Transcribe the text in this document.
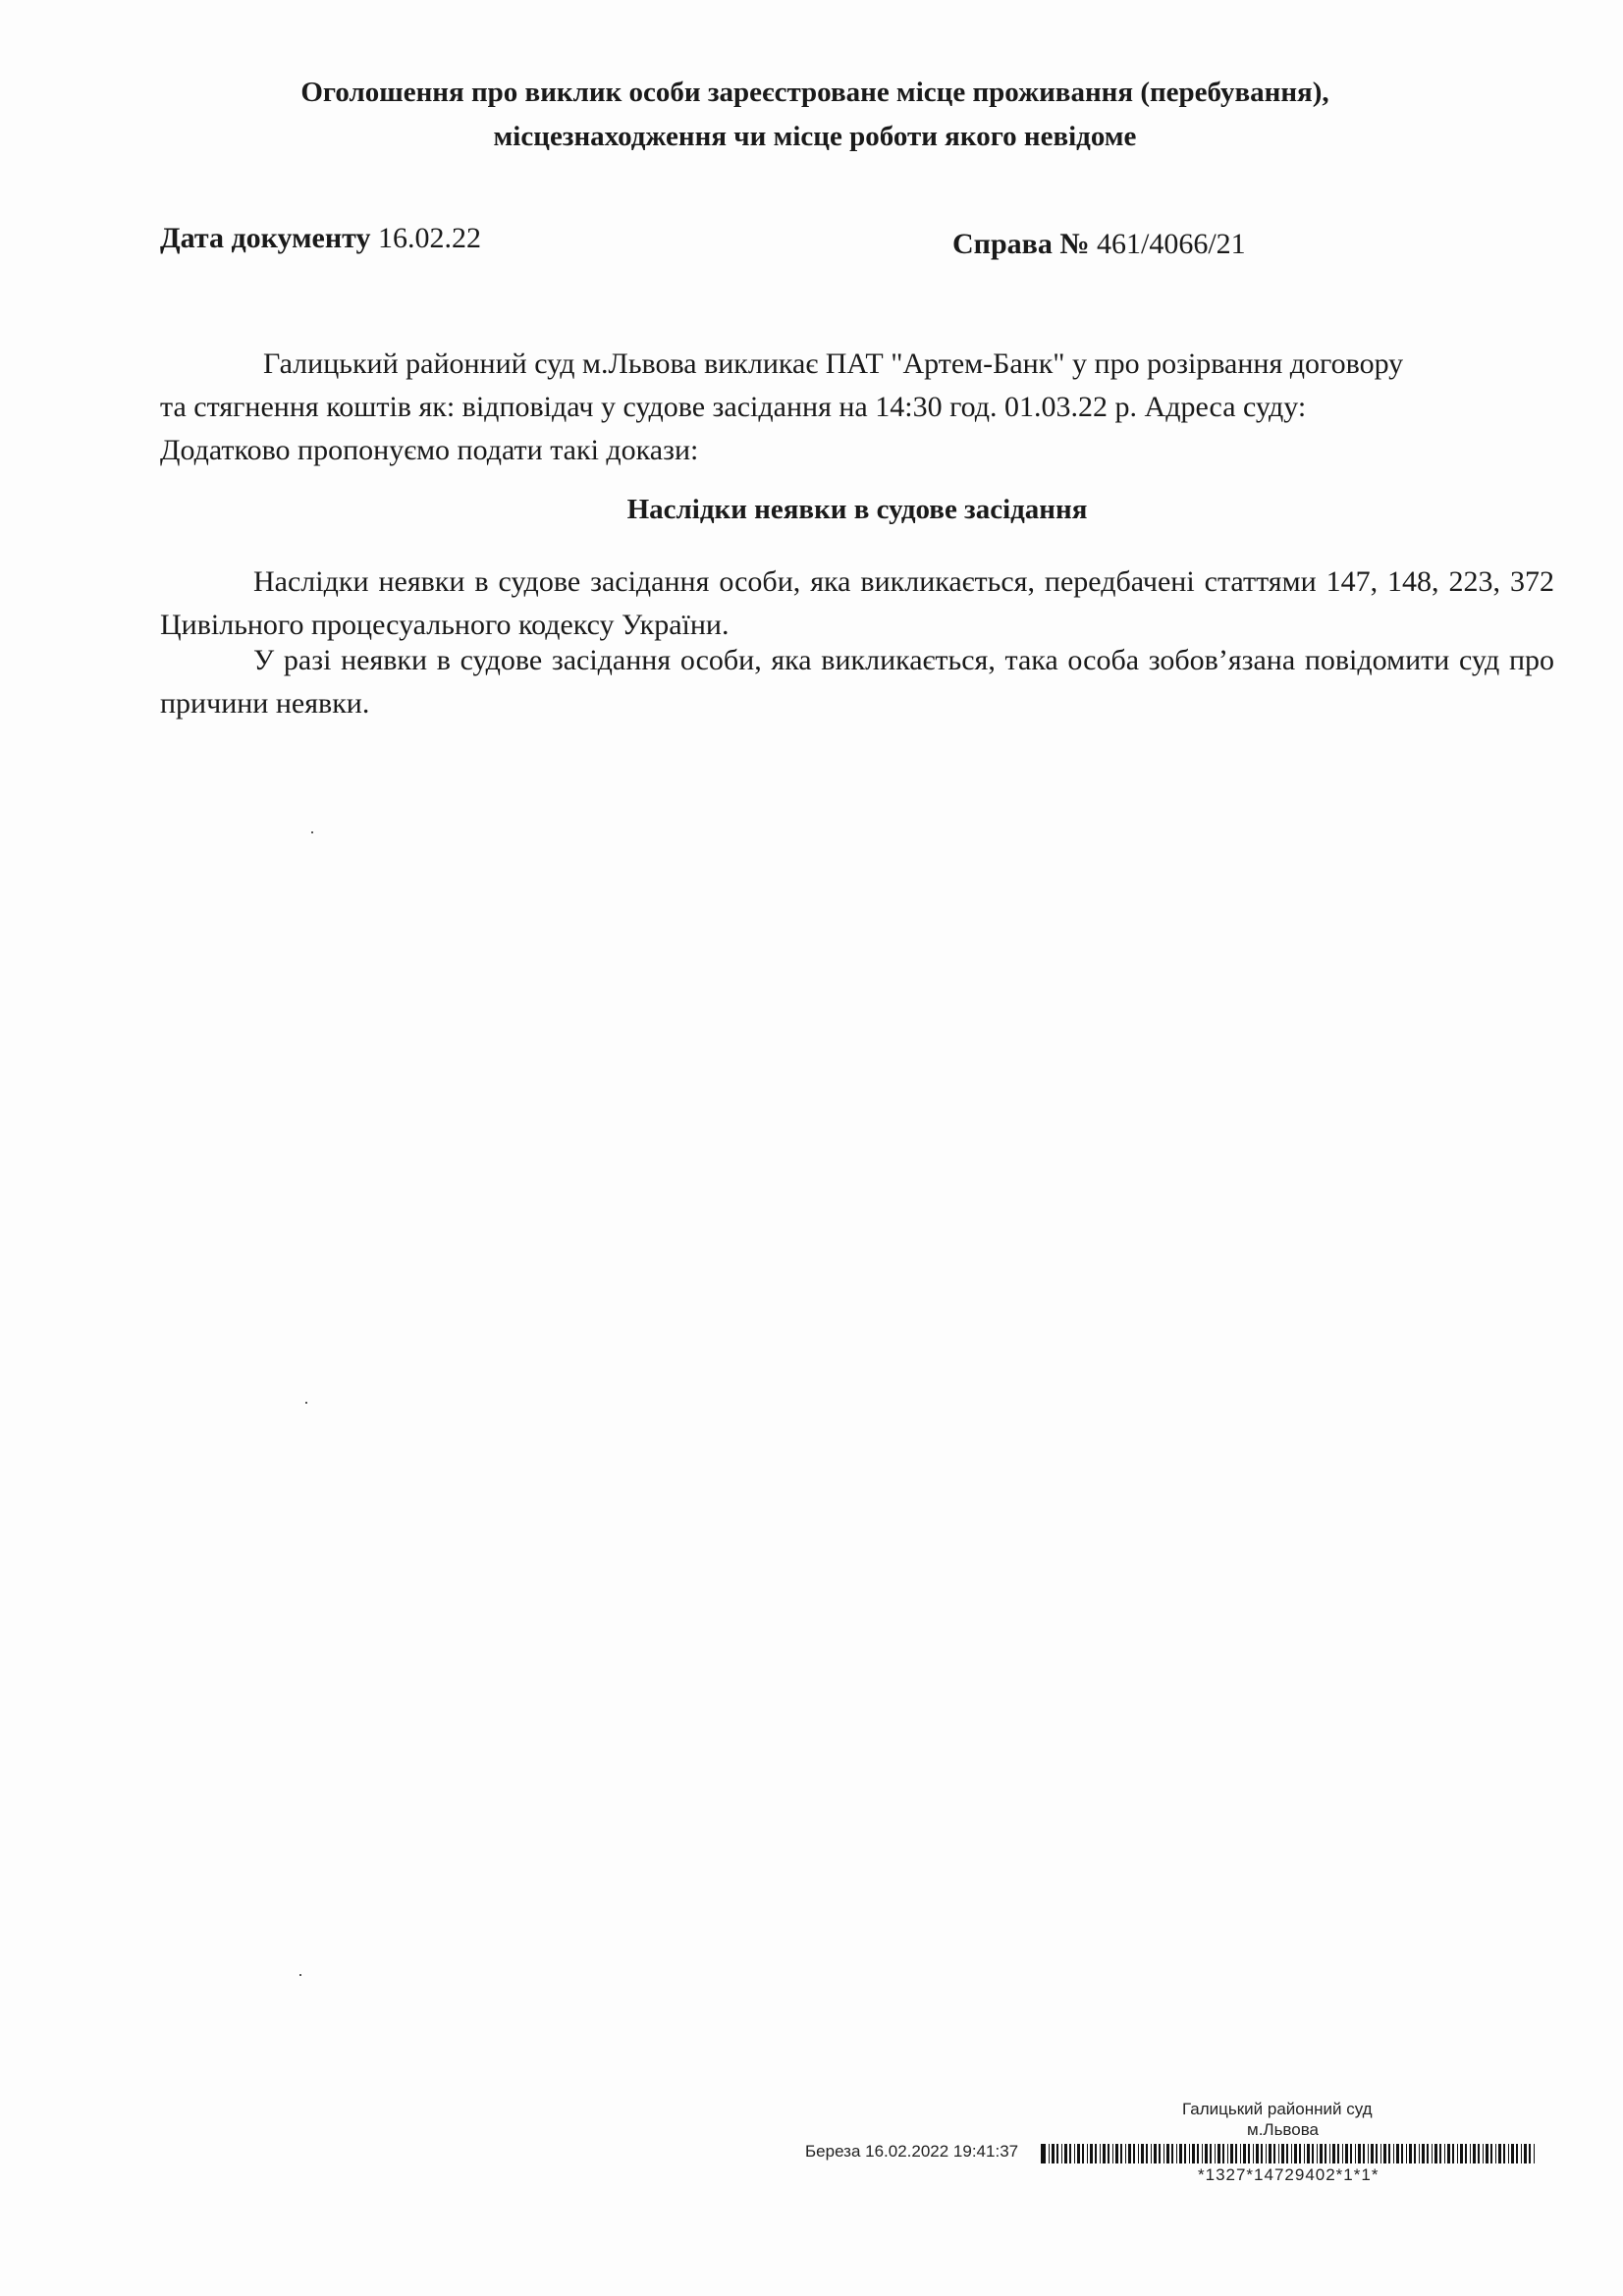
Оголошення про виклик особи зареєстроване місце проживання (перебування),
місцезнаходження чи місце роботи якого невідоме
Дата документу 16.02.22	Справа № 461/4066/21
Галицький районний суд м.Львова викликає ПАТ "Артем-Банк" у про розірвання договору
та стягнення коштів як: відповідач у судове засідання на 14:30 год. 01.03.22 р. Адреса суду:
Додатково пропонуємо подати такі докази:
Наслідки неявки в судове засідання
Наслідки неявки в судове засідання особи, яка викликається, передбачені статтями 147, 148, 223, 372 Цивільного процесуального кодексу України.
У разі неявки в судове засідання особи, яка викликається, така особа зобов’язана повідомити суд про причини неявки.
Галицький районний суд
м.Львова
Береза 16.02.2022 19:41:37
*1327*14729402*1*1*
